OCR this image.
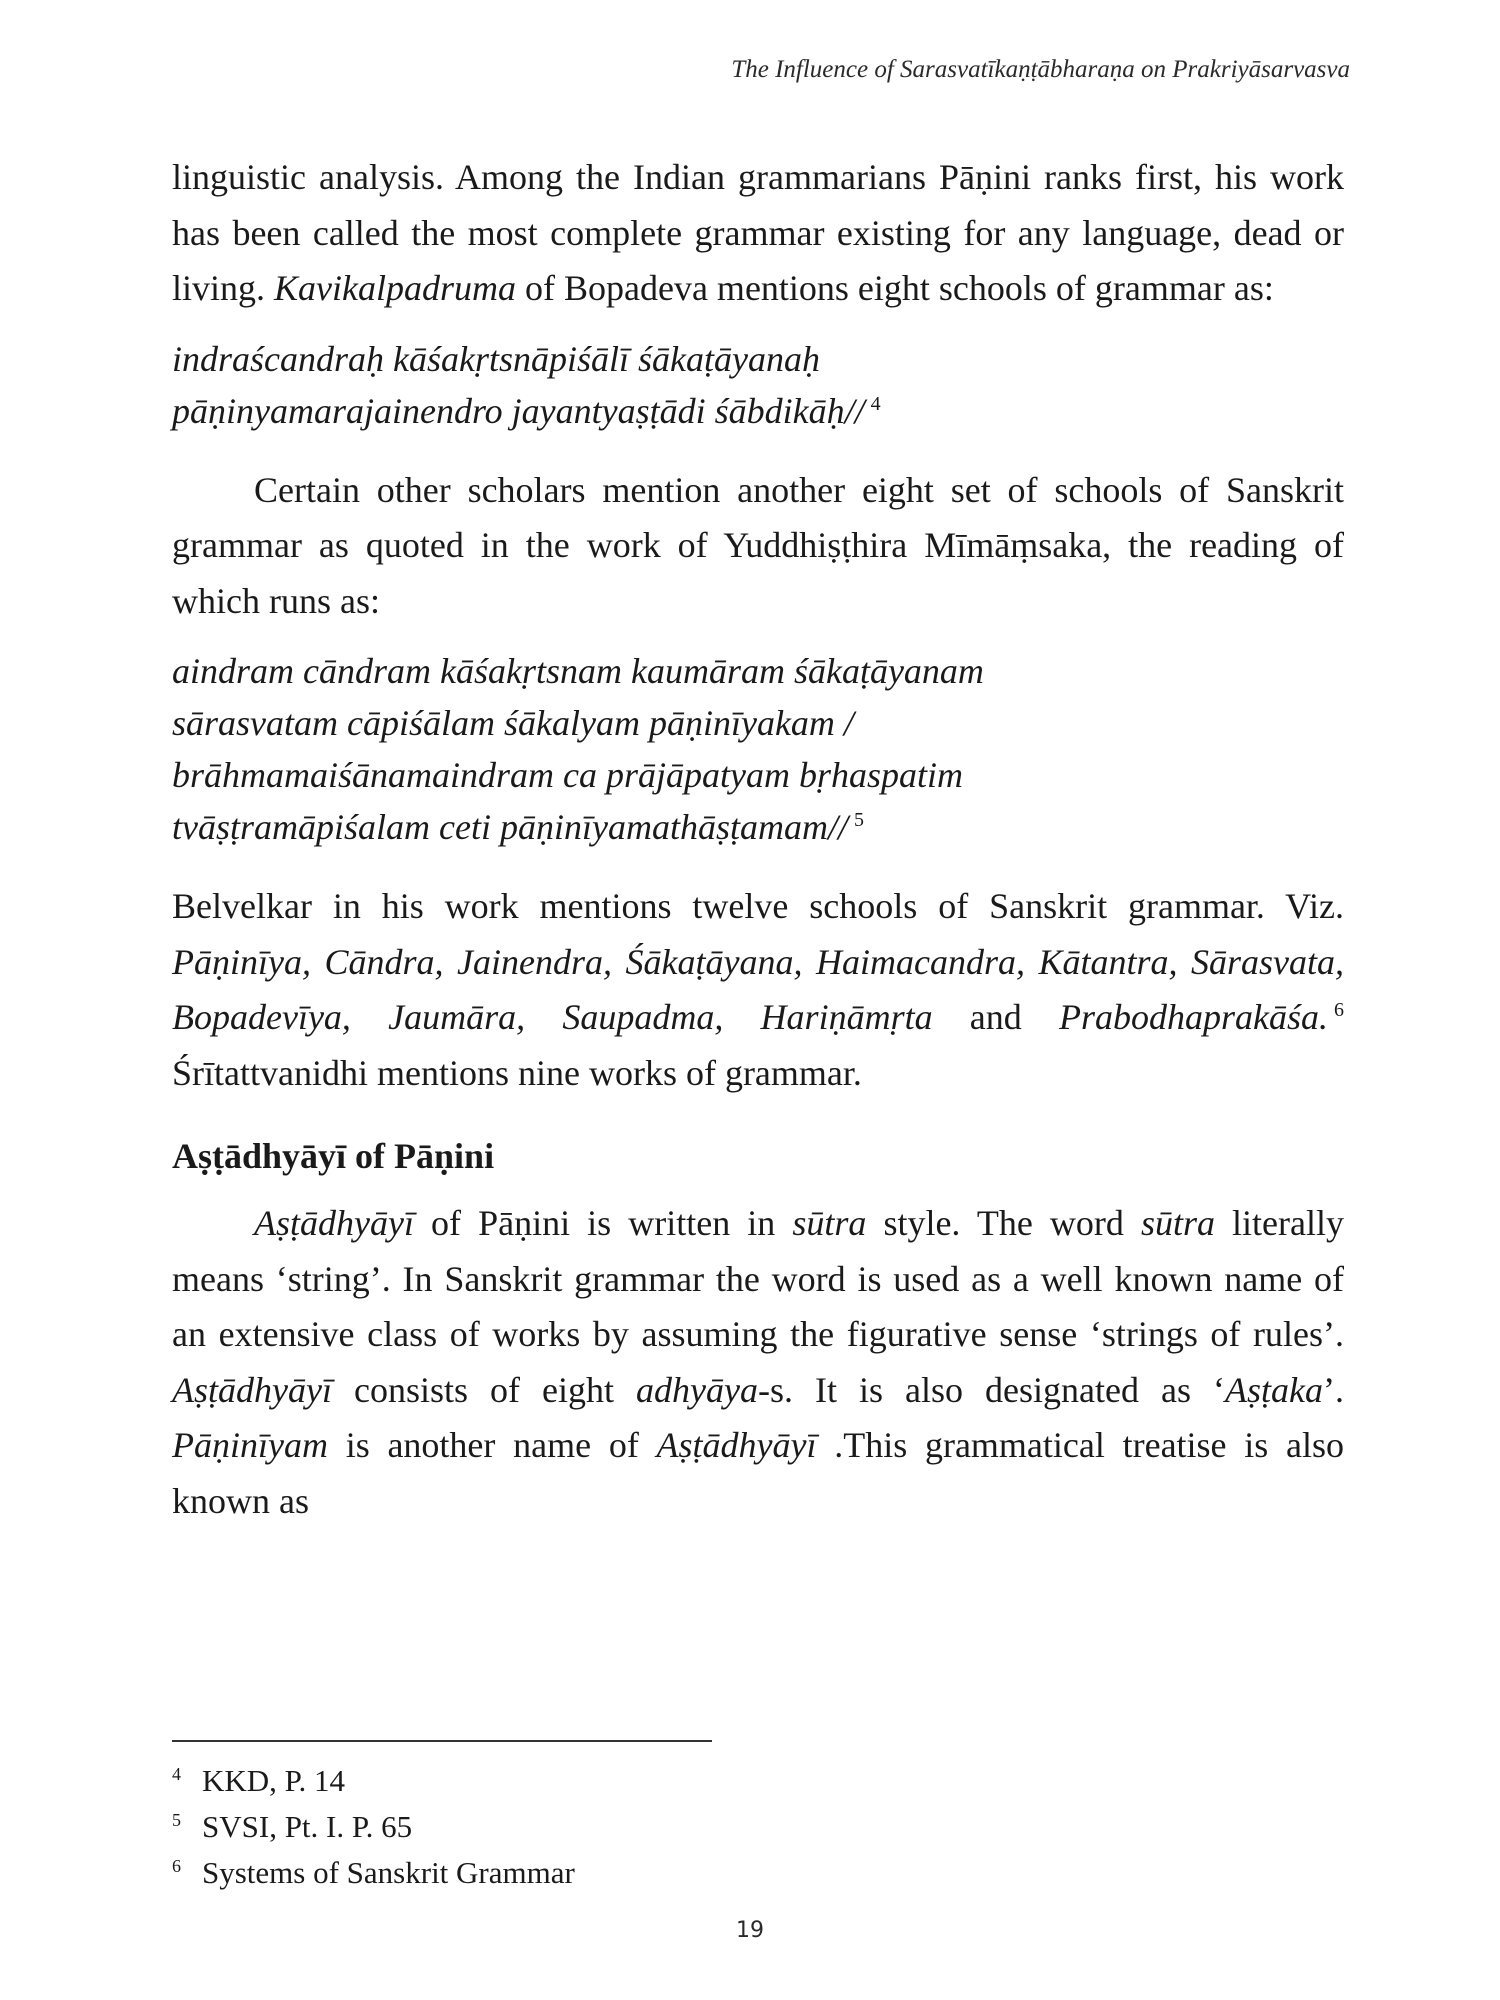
The Influence of Sarasvatīkaṇṭābharaṇa on Prakriyāsarvasva

linguistic analysis. Among the Indian grammarians Pāṇini ranks first, his work has been called the most complete grammar existing for any language, dead or living. Kavikalpadruma of Bopadeva mentions eight schools of grammar as:

indraścandraḥ kāśakṛtsnāpiśālī śākaṭāyanaḥ
pāṇinyamarajainendro jayantyaṣṭādi śābdikāḥ// $^4$

Certain other scholars mention another eight set of schools of Sanskrit grammar as quoted in the work of Yuddhiṣṭhira Mīmāṃsaka, the reading of which runs as:

aindram cāndram kāśakṛtsnam kaumāram śākaṭāyanam
sārasvatam cāpiśālam śākalyam pāṇinīyakam /
brāhmamaiśānamaindram ca prājāpatyam bṛhaspatim
tvāṣṭramāpiśalam ceti pāṇinīyamathāṣṭamam// $^5$

Belvelkar in his work mentions twelve schools of Sanskrit grammar. Viz. Pāṇinīya, Cāndra, Jainendra, Śākaṭāyana, Haimacandra, Kātantra, Sārasvata, Bopadevīya, Jaumāra, Saupadma, Hariṇāmṛta and Prabodhaprakāśa. $^6$ Śrītattvanidhi mentions nine works of grammar.

Aṣṭādhyāyī of Pāṇini

Aṣṭādhyāyī of Pāṇini is written in sūtra style. The word sūtra literally means ‘string’. In Sanskrit grammar the word is used as a well known name of an extensive class of works by assuming the figurative sense ‘strings of rules’. Aṣṭādhyāyī consists of eight adhyāya-s. It is also designated as ‘Aṣṭaka’. Pāṇinīyam is another name of Aṣṭādhyāyī .This grammatical treatise is also known as

4 KKD, P. 14
5 SVSI, Pt. I. P. 65
6 Systems of Sanskrit Grammar
19
